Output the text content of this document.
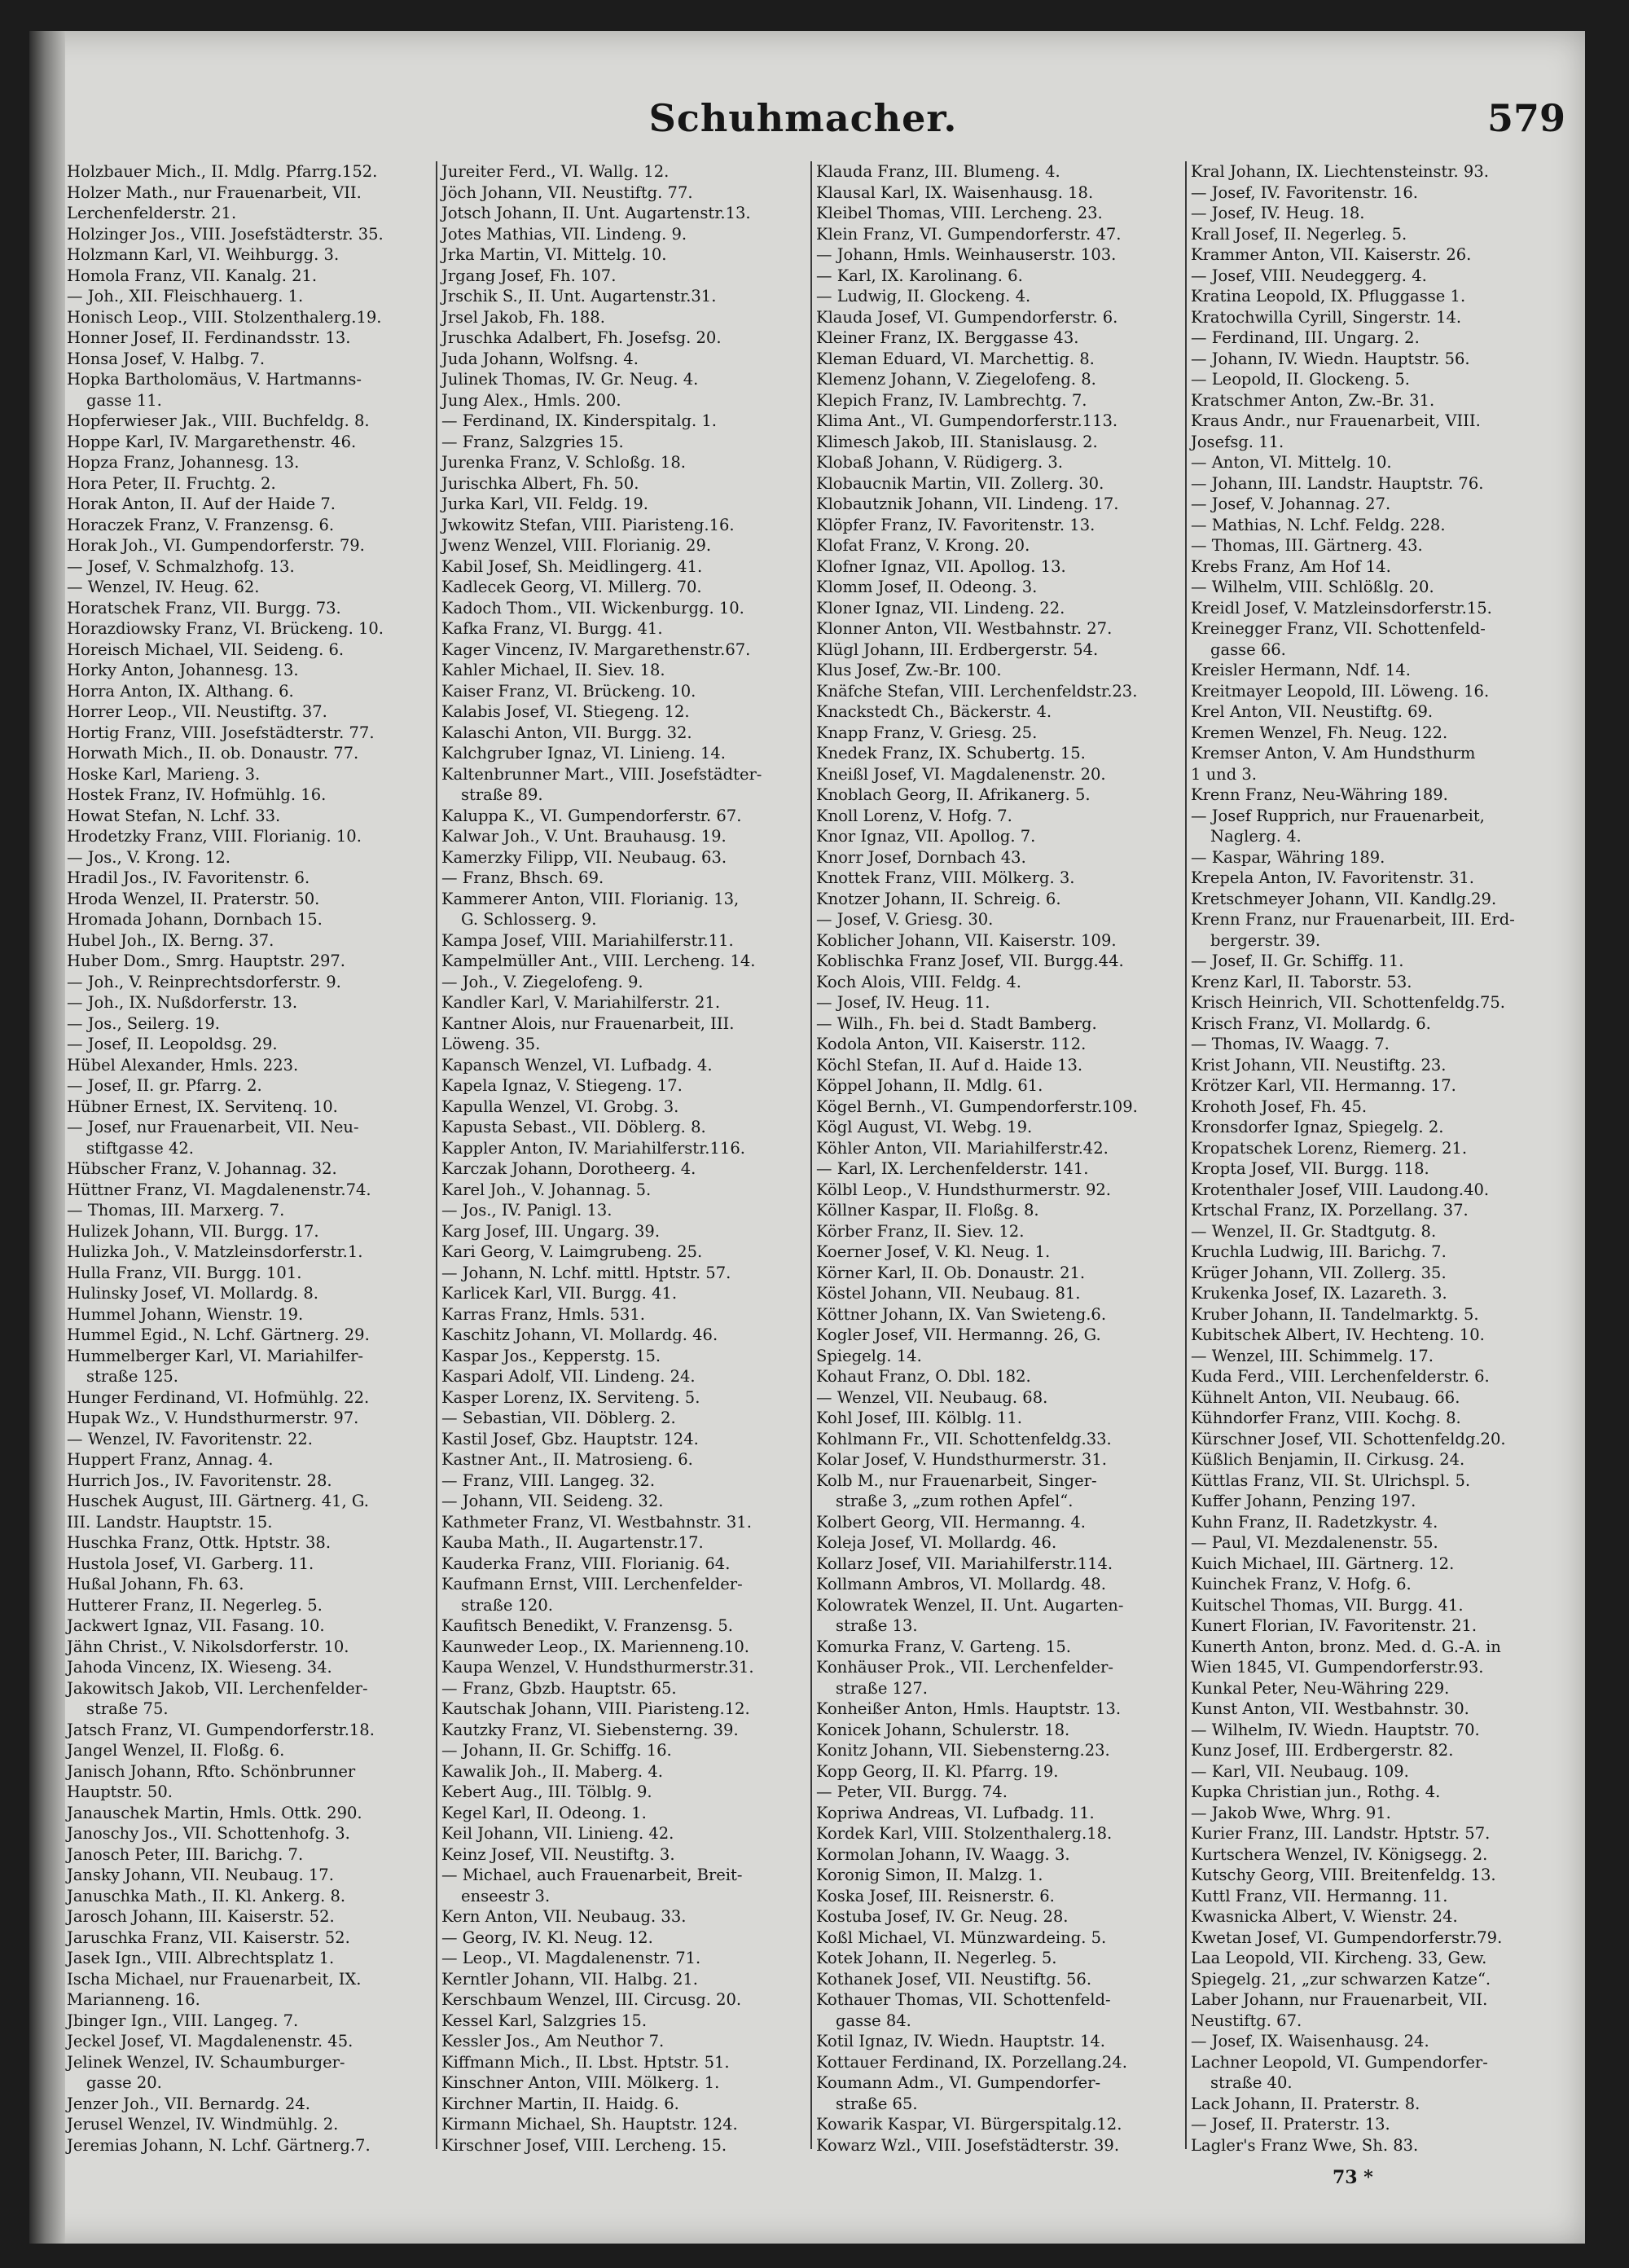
Schuhmacher.	579
Holzbauer Mich., II. Mdlg. Pfarrg.152.
Holzer Math., nur Frauenarbeit, VII.
Lerchenfelderstr. 21.
Holzinger Jos., VIII. Josefstädterstr. 35.
Holzmann Karl, VI. Weihburgg. 3.
Homola Franz, VII. Kanalg. 21.
— Joh., XII. Fleischhauerg. 1.
Honisch Leop., VIII. Stolzenthalerg.19.
Honner Josef, II. Ferdinandsstr. 13.
Honsa Josef, V. Halbg. 7.
Hopka Bartholomäus, V. Hartmanns-
gasse 11.
Hopferwieser Jak., VIII. Buchfeldg. 8.
Hoppe Karl, IV. Margarethenstr. 46.
Hopza Franz, Johannesg. 13.
Hora Peter, II. Fruchtg. 2.
Horak Anton, II. Auf der Haide 7.
Horaczek Franz, V. Franzensg. 6.
Horak Joh., VI. Gumpendorferstr. 79.
— Josef, V. Schmalzhofg. 13.
— Wenzel, IV. Heug. 62.
Horatschek Franz, VII. Burgg. 73.
Horazdiowsky Franz, VI. Brückeng. 10.
Horeisch Michael, VII. Seideng. 6.
Horky Anton, Johannesg. 13.
Horra Anton, IX. Althang. 6.
Horrer Leop., VII. Neustiftg. 37.
Hortig Franz, VIII. Josefstädterstr. 77.
Horwath Mich., II. ob. Donaustr. 77.
Hoske Karl, Marieng. 3.
Hostek Franz, IV. Hofmühlg. 16.
Howat Stefan, N. Lchf. 33.
Hrodetzky Franz, VIII. Florianig. 10.
— Jos., V. Krong. 12.
Hradil Jos., IV. Favoritenstr. 6.
Hroda Wenzel, II. Praterstr. 50.
Hromada Johann, Dornbach 15.
Hubel Joh., IX. Berng. 37.
Huber Dom., Smrg. Hauptstr. 297.
— Joh., V. Reinprechtsdorferstr. 9.
— Joh., IX. Nußdorferstr. 13.
— Jos., Seilerg. 19.
— Josef, II. Leopoldsg. 29.
Hübel Alexander, Hmls. 223.
— Josef, II. gr. Pfarrg. 2.
Hübner Ernest, IX. Servitenq. 10.
— Josef, nur Frauenarbeit, VII. Neu-
stiftgasse 42.
Hübscher Franz, V. Johannag. 32.
Hüttner Franz, VI. Magdalenenstr.74.
— Thomas, III. Marxerg. 7.
Hulizek Johann, VII. Burgg. 17.
Hulizka Joh., V. Matzleinsdorferstr.1.
Hulla Franz, VII. Burgg. 101.
Hulinsky Josef, VI. Mollardg. 8.
Hummel Johann, Wienstr. 19.
Hummel Egid., N. Lchf. Gärtnerg. 29.
Hummelberger Karl, VI. Mariahilfer-
straße 125.
Hunger Ferdinand, VI. Hofmühlg. 22.
Hupak Wz., V. Hundsthurmerstr. 97.
— Wenzel, IV. Favoritenstr. 22.
Huppert Franz, Annag. 4.
Hurrich Jos., IV. Favoritenstr. 28.
Huschek August, III. Gärtnerg. 41, G.
III. Landstr. Hauptstr. 15.
Huschka Franz, Ottk. Hptstr. 38.
Hustola Josef, VI. Garberg. 11.
Hußal Johann, Fh. 63.
Hutterer Franz, II. Negerleg. 5.
Jackwert Ignaz, VII. Fasang. 10.
Jähn Christ., V. Nikolsdorferstr. 10.
Jahoda Vincenz, IX. Wieseng. 34.
Jakowitsch Jakob, VII. Lerchenfelder-
straße 75.
Jatsch Franz, VI. Gumpendorferstr.18.
Jangel Wenzel, II. Floßg. 6.
Janisch Johann, Rfto. Schönbrunner
Hauptstr. 50.
Janauschek Martin, Hmls. Ottk. 290.
Janoschy Jos., VII. Schottenhofg. 3.
Janosch Peter, III. Barichg. 7.
Jansky Johann, VII. Neubaug. 17.
Januschka Math., II. Kl. Ankerg. 8.
Jarosch Johann, III. Kaiserstr. 52.
Jaruschka Franz, VII. Kaiserstr. 52.
Jasek Ign., VIII. Albrechtsplatz 1.
Ischa Michael, nur Frauenarbeit, IX.
Marianneng. 16.
Jbinger Ign., VIII. Langeg. 7.
Jeckel Josef, VI. Magdalenenstr. 45.
Jelinek Wenzel, IV. Schaumburger-
gasse 20.
Jenzer Joh., VII. Bernardg. 24.
Jerusel Wenzel, IV. Windmühlg. 2.
Jeremias Johann, N. Lchf. Gärtnerg.7.
Jureiter Ferd., VI. Wallg. 12.
Jöch Johann, VII. Neustiftg. 77.
Jotsch Johann, II. Unt. Augartenstr.13.
Jotes Mathias, VII. Lindeng. 9.
Jrka Martin, VI. Mittelg. 10.
Jrgang Josef, Fh. 107.
Jrschik S., II. Unt. Augartenstr.31.
Jrsel Jakob, Fh. 188.
Jruschka Adalbert, Fh. Josefsg. 20.
Juda Johann, Wolfsng. 4.
Julinek Thomas, IV. Gr. Neug. 4.
Jung Alex., Hmls. 200.
— Ferdinand, IX. Kinderspitalg. 1.
— Franz, Salzgries 15.
Jurenka Franz, V. Schloßg. 18.
Jurischka Albert, Fh. 50.
Jurka Karl, VII. Feldg. 19.
Jwkowitz Stefan, VIII. Piaristeng.16.
Jwenz Wenzel, VIII. Florianig. 29.
Kabil Josef, Sh. Meidlingerg. 41.
Kadlecek Georg, VI. Millerg. 70.
Kadoch Thom., VII. Wickenburgg. 10.
Kafka Franz, VI. Burgg. 41.
Kager Vincenz, IV. Margarethenstr.67.
Kahler Michael, II. Siev. 18.
Kaiser Franz, VI. Brückeng. 10.
Kalabis Josef, VI. Stiegeng. 12.
Kalaschi Anton, VII. Burgg. 32.
Kalchgruber Ignaz, VI. Linieng. 14.
Kaltenbrunner Mart., VIII. Josefstädter-
straße 89.
Kaluppa K., VI. Gumpendorferstr. 67.
Kalwar Joh., V. Unt. Brauhausg. 19.
Kamerzky Filipp, VII. Neubaug. 63.
— Franz, Bhsch. 69.
Kammerer Anton, VIII. Florianig. 13,
G. Schlosserg. 9.
Kampa Josef, VIII. Mariahilferstr.11.
Kampelmüller Ant., VIII. Lercheng. 14.
— Joh., V. Ziegelofeng. 9.
Kandler Karl, V. Mariahilferstr. 21.
Kantner Alois, nur Frauenarbeit, III.
Löweng. 35.
Kapansch Wenzel, VI. Lufbadg. 4.
Kapela Ignaz, V. Stiegeng. 17.
Kapulla Wenzel, VI. Grobg. 3.
Kapusta Sebast., VII. Döblerg. 8.
Kappler Anton, IV. Mariahilferstr.116.
Karczak Johann, Dorotheerg. 4.
Karel Joh., V. Johannag. 5.
— Jos., IV. Panigl. 13.
Karg Josef, III. Ungarg. 39.
Kari Georg, V. Laimgrubeng. 25.
— Johann, N. Lchf. mittl. Hptstr. 57.
Karlicek Karl, VII. Burgg. 41.
Karras Franz, Hmls. 531.
Kaschitz Johann, VI. Mollardg. 46.
Kaspar Jos., Kepperstg. 15.
Kaspari Adolf, VII. Lindeng. 24.
Kasper Lorenz, IX. Serviteng. 5.
— Sebastian, VII. Döblerg. 2.
Kastil Josef, Gbz. Hauptstr. 124.
Kastner Ant., II. Matrosieng. 6.
— Franz, VIII. Langeg. 32.
— Johann, VII. Seideng. 32.
Kathmeter Franz, VI. Westbahnstr. 31.
Kauba Math., II. Augartenstr.17.
Kauderka Franz, VIII. Florianig. 64.
Kaufmann Ernst, VIII. Lerchenfelder-
straße 120.
Kaufitsch Benedikt, V. Franzensg. 5.
Kaunweder Leop., IX. Marienneng.10.
Kaupa Wenzel, V. Hundsthurmerstr.31.
— Franz, Gbzb. Hauptstr. 65.
Kautschak Johann, VIII. Piaristeng.12.
Kautzky Franz, VI. Siebensterng. 39.
— Johann, II. Gr. Schiffg. 16.
Kawalik Joh., II. Maberg. 4.
Kebert Aug., III. Tölblg. 9.
Kegel Karl, II. Odeong. 1.
Keil Johann, VII. Linieng. 42.
Keinz Josef, VII. Neustiftg. 3.
— Michael, auch Frauenarbeit, Breit-
enseestr 3.
Kern Anton, VII. Neubaug. 33.
— Georg, IV. Kl. Neug. 12.
— Leop., VI. Magdalenenstr. 71.
Kerntler Johann, VII. Halbg. 21.
Kerschbaum Wenzel, III. Circusg. 20.
Kessel Karl, Salzgries 15.
Kessler Jos., Am Neuthor 7.
Kiffmann Mich., II. Lbst. Hptstr. 51.
Kinschner Anton, VIII. Mölkerg. 1.
Kirchner Martin, II. Haidg. 6.
Kirmann Michael, Sh. Hauptstr. 124.
Kirschner Josef, VIII. Lercheng. 15.
Klauda Franz, III. Blumeng. 4.
Klausal Karl, IX. Waisenhausg. 18.
Kleibel Thomas, VIII. Lercheng. 23.
Klein Franz, VI. Gumpendorferstr. 47.
— Johann, Hmls. Weinhauserstr. 103.
— Karl, IX. Karolinang. 6.
— Ludwig, II. Glockeng. 4.
Klauda Josef, VI. Gumpendorferstr. 6.
Kleiner Franz, IX. Berggasse 43.
Kleman Eduard, VI. Marchettig. 8.
Klemenz Johann, V. Ziegelofeng. 8.
Klepich Franz, IV. Lambrechtg. 7.
Klima Ant., VI. Gumpendorferstr.113.
Klimesch Jakob, III. Stanislausg. 2.
Klobaß Johann, V. Rüdigerg. 3.
Klobaucnik Martin, VII. Zollerg. 30.
Klobautznik Johann, VII. Lindeng. 17.
Klöpfer Franz, IV. Favoritenstr. 13.
Klofat Franz, V. Krong. 20.
Klofner Ignaz, VII. Apollog. 13.
Klomm Josef, II. Odeong. 3.
Kloner Ignaz, VII. Lindeng. 22.
Klonner Anton, VII. Westbahnstr. 27.
Klügl Johann, III. Erdbergerstr. 54.
Klus Josef, Zw.-Br. 100.
Knäfche Stefan, VIII. Lerchenfeldstr.23.
Knackstedt Ch., Bäckerstr. 4.
Knapp Franz, V. Griesg. 25.
Knedek Franz, IX. Schubertg. 15.
Kneißl Josef, VI. Magdalenenstr. 20.
Knoblach Georg, II. Afrikanerg. 5.
Knoll Lorenz, V. Hofg. 7.
Knor Ignaz, VII. Apollog. 7.
Knorr Josef, Dornbach 43.
Knottek Franz, VIII. Mölkerg. 3.
Knotzer Johann, II. Schreig. 6.
— Josef, V. Griesg. 30.
Koblicher Johann, VII. Kaiserstr. 109.
Koblischka Franz Josef, VII. Burgg.44.
Koch Alois, VIII. Feldg. 4.
— Josef, IV. Heug. 11.
— Wilh., Fh. bei d. Stadt Bamberg.
Kodola Anton, VII. Kaiserstr. 112.
Köchl Stefan, II. Auf d. Haide 13.
Köppel Johann, II. Mdlg. 61.
Kögel Bernh., VI. Gumpendorferstr.109.
Kögl August, VI. Webg. 19.
Köhler Anton, VII. Mariahilferstr.42.
— Karl, IX. Lerchenfelderstr. 141.
Kölbl Leop., V. Hundsthurmerstr. 92.
Köllner Kaspar, II. Floßg. 8.
Körber Franz, II. Siev. 12.
Koerner Josef, V. Kl. Neug. 1.
Körner Karl, II. Ob. Donaustr. 21.
Köstel Johann, VII. Neubaug. 81.
Köttner Johann, IX. Van Swieteng.6.
Kogler Josef, VII. Hermanng. 26, G.
Spiegelg. 14.
Kohaut Franz, O. Dbl. 182.
— Wenzel, VII. Neubaug. 68.
Kohl Josef, III. Kölblg. 11.
Kohlmann Fr., VII. Schottenfeldg.33.
Kolar Josef, V. Hundsthurmerstr. 31.
Kolb M., nur Frauenarbeit, Singer-
straße 3, „zum rothen Apfel“.
Kolbert Georg, VII. Hermanng. 4.
Koleja Josef, VI. Mollardg. 46.
Kollarz Josef, VII. Mariahilferstr.114.
Kollmann Ambros, VI. Mollardg. 48.
Kolowratek Wenzel, II. Unt. Augarten-
straße 13.
Komurka Franz, V. Garteng. 15.
Konhäuser Prok., VII. Lerchenfelder-
straße 127.
Konheißer Anton, Hmls. Hauptstr. 13.
Konicek Johann, Schulerstr. 18.
Konitz Johann, VII. Siebensterng.23.
Kopp Georg, II. Kl. Pfarrg. 19.
— Peter, VII. Burgg. 74.
Kopriwa Andreas, VI. Lufbadg. 11.
Kordek Karl, VIII. Stolzenthalerg.18.
Kormolan Johann, IV. Waagg. 3.
Koronig Simon, II. Malzg. 1.
Koska Josef, III. Reisnerstr. 6.
Kostuba Josef, IV. Gr. Neug. 28.
Koßl Michael, VI. Münzwardeing. 5.
Kotek Johann, II. Negerleg. 5.
Kothanek Josef, VII. Neustiftg. 56.
Kothauer Thomas, VII. Schottenfeld-
gasse 84.
Kotil Ignaz, IV. Wiedn. Hauptstr. 14.
Kottauer Ferdinand, IX. Porzellang.24.
Koumann Adm., VI. Gumpendorfer-
straße 65.
Kowarik Kaspar, VI. Bürgerspitalg.12.
Kowarz Wzl., VIII. Josefstädterstr. 39.
Kral Johann, IX. Liechtensteinstr. 93.
— Josef, IV. Favoritenstr. 16.
— Josef, IV. Heug. 18.
Krall Josef, II. Negerleg. 5.
Krammer Anton, VII. Kaiserstr. 26.
— Josef, VIII. Neudeggerg. 4.
Kratina Leopold, IX. Pfluggasse 1.
Kratochwilla Cyrill, Singerstr. 14.
— Ferdinand, III. Ungarg. 2.
— Johann, IV. Wiedn. Hauptstr. 56.
— Leopold, II. Glockeng. 5.
Kratschmer Anton, Zw.-Br. 31.
Kraus Andr., nur Frauenarbeit, VIII.
Josefsg. 11.
— Anton, VI. Mittelg. 10.
— Johann, III. Landstr. Hauptstr. 76.
— Josef, V. Johannag. 27.
— Mathias, N. Lchf. Feldg. 228.
— Thomas, III. Gärtnerg. 43.
Krebs Franz, Am Hof 14.
— Wilhelm, VIII. Schlößlg. 20.
Kreidl Josef, V. Matzleinsdorferstr.15.
Kreinegger Franz, VII. Schottenfeld-
gasse 66.
Kreisler Hermann, Ndf. 14.
Kreitmayer Leopold, III. Löweng. 16.
Krel Anton, VII. Neustiftg. 69.
Kremen Wenzel, Fh. Neug. 122.
Kremser Anton, V. Am Hundsthurm
1 und 3.
Krenn Franz, Neu-Währing 189.
— Josef Rupprich, nur Frauenarbeit,
Naglerg. 4.
— Kaspar, Währing 189.
Krepela Anton, IV. Favoritenstr. 31.
Kretschmeyer Johann, VII. Kandlg.29.
Krenn Franz, nur Frauenarbeit, III. Erd-
bergerstr. 39.
— Josef, II. Gr. Schiffg. 11.
Krenz Karl, II. Taborstr. 53.
Krisch Heinrich, VII. Schottenfeldg.75.
Krisch Franz, VI. Mollardg. 6.
— Thomas, IV. Waagg. 7.
Krist Johann, VII. Neustiftg. 23.
Krötzer Karl, VII. Hermanng. 17.
Krohoth Josef, Fh. 45.
Kronsdorfer Ignaz, Spiegelg. 2.
Kropatschek Lorenz, Riemerg. 21.
Kropta Josef, VII. Burgg. 118.
Krotenthaler Josef, VIII. Laudong.40.
Krtschal Franz, IX. Porzellang. 37.
— Wenzel, II. Gr. Stadtgutg. 8.
Kruchla Ludwig, III. Barichg. 7.
Krüger Johann, VII. Zollerg. 35.
Krukenka Josef, IX. Lazareth. 3.
Kruber Johann, II. Tandelmarktg. 5.
Kubitschek Albert, IV. Hechteng. 10.
— Wenzel, III. Schimmelg. 17.
Kuda Ferd., VIII. Lerchenfelderstr. 6.
Kühnelt Anton, VII. Neubaug. 66.
Kühndorfer Franz, VIII. Kochg. 8.
Kürschner Josef, VII. Schottenfeldg.20.
Küßlich Benjamin, II. Cirkusg. 24.
Küttlas Franz, VII. St. Ulrichspl. 5.
Kuffer Johann, Penzing 197.
Kuhn Franz, II. Radetzkystr. 4.
— Paul, VI. Mezdalenenstr. 55.
Kuich Michael, III. Gärtnerg. 12.
Kuinchek Franz, V. Hofg. 6.
Kuitschel Thomas, VII. Burgg. 41.
Kunert Florian, IV. Favoritenstr. 21.
Kunerth Anton, bronz. Med. d. G.-A. in
Wien 1845, VI. Gumpendorferstr.93.
Kunkal Peter, Neu-Währing 229.
Kunst Anton, VII. Westbahnstr. 30.
— Wilhelm, IV. Wiedn. Hauptstr. 70.
Kunz Josef, III. Erdbergerstr. 82.
— Karl, VII. Neubaug. 109.
Kupka Christian jun., Rothg. 4.
— Jakob Wwe, Whrg. 91.
Kurier Franz, III. Landstr. Hptstr. 57.
Kurtschera Wenzel, IV. Königsegg. 2.
Kutschy Georg, VIII. Breitenfeldg. 13.
Kuttl Franz, VII. Hermanng. 11.
Kwasnicka Albert, V. Wienstr. 24.
Kwetan Josef, VI. Gumpendorferstr.79.
Laa Leopold, VII. Kircheng. 33, Gew.
Spiegelg. 21, „zur schwarzen Katze“.
Laber Johann, nur Frauenarbeit, VII.
Neustiftg. 67.
— Josef, IX. Waisenhausg. 24.
Lachner Leopold, VI. Gumpendorfer-
straße 40.
Lack Johann, II. Praterstr. 8.
— Josef, II. Praterstr. 13.
Lagler's Franz Wwe, Sh. 83.
73 *
